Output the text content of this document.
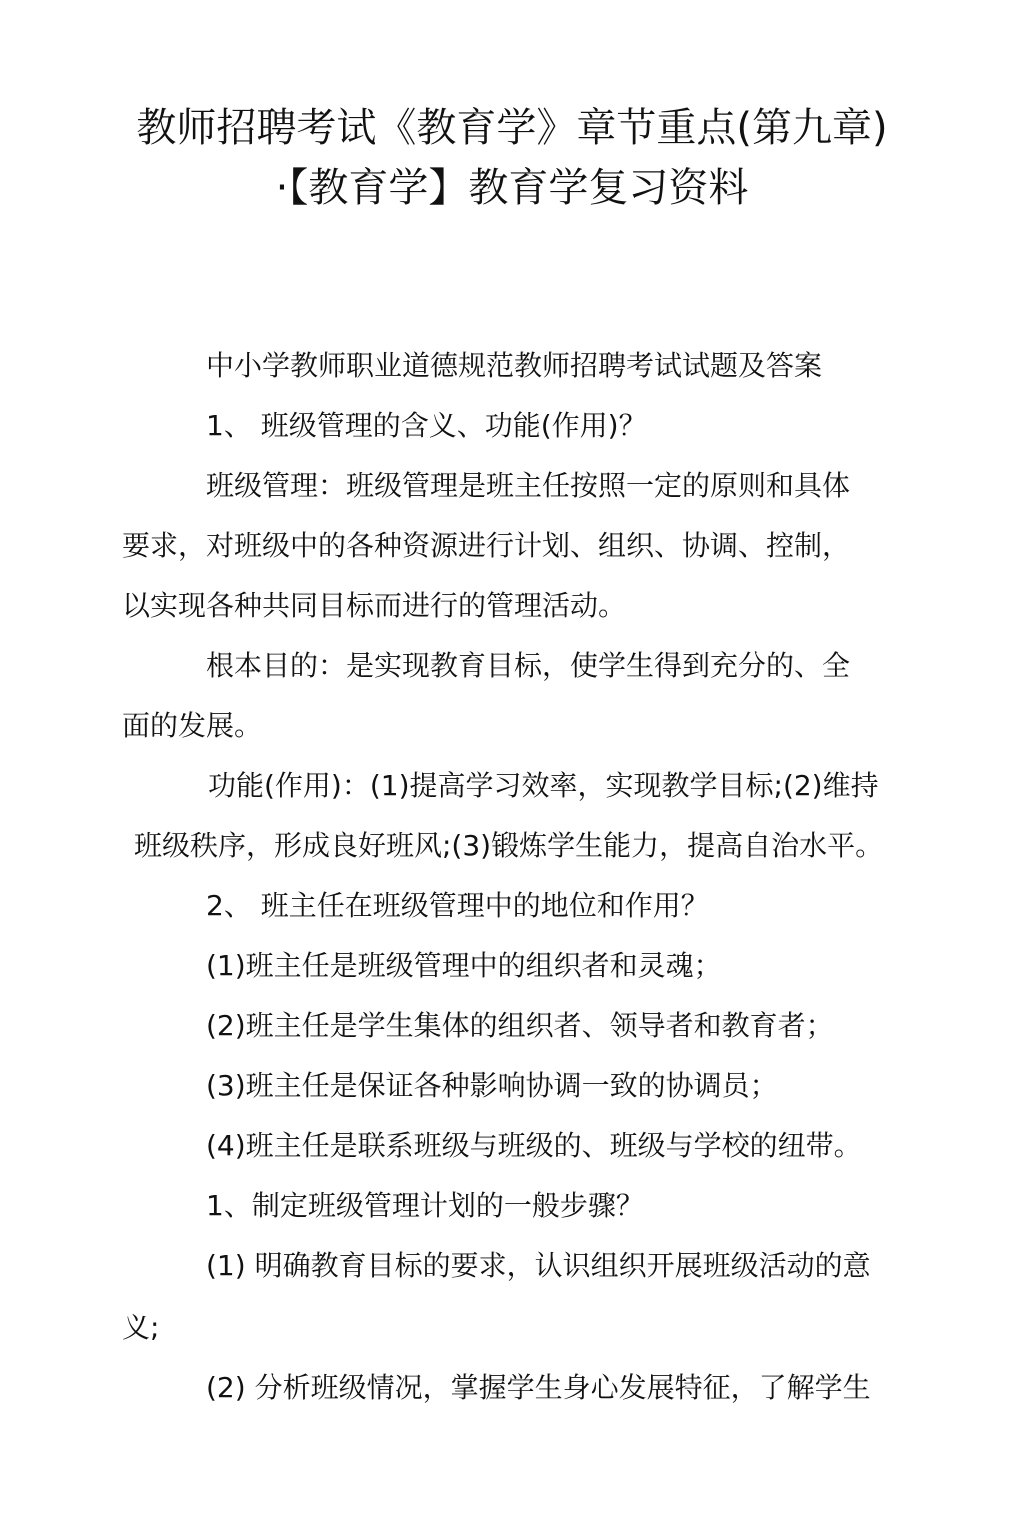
教师招聘考试《教育学》章节重点(第九章)
·【教育学】教育学复习资料

中小学教师职业道德规范教师招聘考试试题及答案

1、 班级管理的含义、功能(作用)？

班级管理：班级管理是班主任按照一定的原则和具体

要求，对班级中的各种资源进行计划、组织、协调、控制，

以实现各种共同目标而进行的管理活动。

根本目的：是实现教育目标，使学生得到充分的、全

面的发展。

功能(作用)：(1)提高学习效率，实现教学目标;(2)维持

班级秩序，形成良好班风;(3)锻炼学生能力，提高自治水平。

2、 班主任在班级管理中的地位和作用？

(1)班主任是班级管理中的组织者和灵魂；

(2)班主任是学生集体的组织者、领导者和教育者；

(3)班主任是保证各种影响协调一致的协调员；

(4)班主任是联系班级与班级的、班级与学校的纽带。

1、制定班级管理计划的一般步骤？

(1) 明确教育目标的要求，认识组织开展班级活动的意

义;

(2) 分析班级情况，掌握学生身心发展特征，了解学生
